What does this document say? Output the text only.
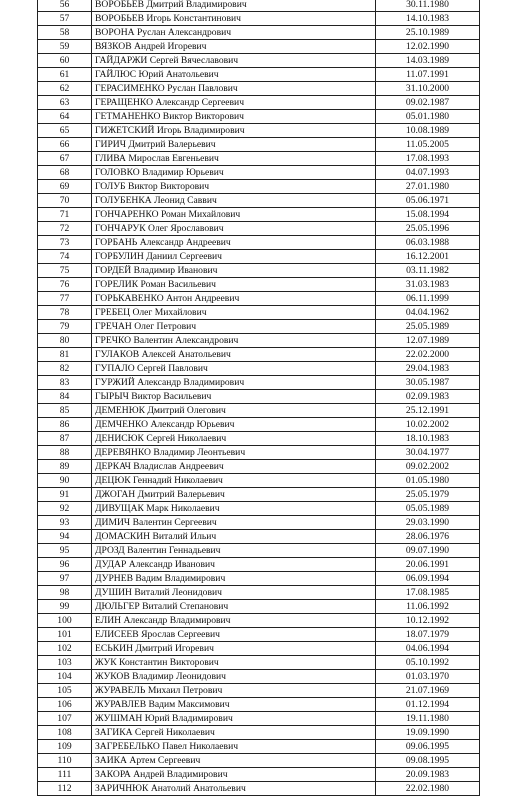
56	ВОРОБЬЕВ Дмитрий Владимирович	30.11.1980
57	ВОРОБЬЕВ Игорь Константинович	14.10.1983
58	ВОРОНА Руслан Александрович	25.10.1989
59	ВЯЗКОВ Андрей Игоревич	12.02.1990
60	ГАЙДАРЖИ Сергей Вячеславович	14.03.1989
61	ГАЙЛЮС Юрий Анатольевич	11.07.1991
62	ГЕРАСИМЕНКО Руслан Павлович	31.10.2000
63	ГЕРАЩЕНКО Александр Сергеевич	09.02.1987
64	ГЕТМАНЕНКО Виктор Викторович	05.01.1980
65	ГИЖЕТСКИЙ Игорь Владимирович	10.08.1989
66	ГИРИЧ Дмитрий Валерьевич	11.05.2005
67	ГЛИВА Мирослав Евгеньевич	17.08.1993
68	ГОЛОВКО Владимир Юрьевич	04.07.1993
69	ГОЛУБ Виктор Викторович	27.01.1980
70	ГОЛУБЕНКА Леонид Саввич	05.06.1971
71	ГОНЧАРЕНКО Роман Михайлович	15.08.1994
72	ГОНЧАРУК Олег Ярославович	25.05.1996
73	ГОРБАНЬ Александр Андреевич	06.03.1988
74	ГОРБУЛИН Даниил Сергеевич	16.12.2001
75	ГОРДЕЙ Владимир Иванович	03.11.1982
76	ГОРЕЛИК Роман Васильевич	31.03.1983
77	ГОРЬКАВЕНКО Антон Андреевич	06.11.1999
78	ГРЕБЕЦ Олег Михайлович	04.04.1962
79	ГРЕЧАН Олег Петрович	25.05.1989
80	ГРЕЧКО Валентин Александрович	12.07.1989
81	ГУЛАКОВ Алексей Анатольевич	22.02.2000
82	ГУПАЛО Сергей Павлович	29.04.1983
83	ГУРЖИЙ Александр Владимирович	30.05.1987
84	ГЫРЫЧ Виктор Васильевич	02.09.1983
85	ДЕМЕНЮК Дмитрий Олегович	25.12.1991
86	ДЕМЧЕНКО Александр Юрьевич	10.02.2002
87	ДЕНИСЮК Сергей Николаевич	18.10.1983
88	ДЕРЕВЯНКО Владимир Леонтьевич	30.04.1977
89	ДЕРКАЧ Владислав Андреевич	09.02.2002
90	ДЕЦЮК Геннадий Николаевич	01.05.1980
91	ДЖОГАН Дмитрий Валерьевич	25.05.1979
92	ДИВУЩАК Марк Николаевич	05.05.1989
93	ДИМИЧ Валентин Сергеевич	29.03.1990
94	ДОМАСКИН Виталий Ильич	28.06.1976
95	ДРОЗД Валентин Геннадьевич	09.07.1990
96	ДУДАР Александр Иванович	20.06.1991
97	ДУРНЕВ Вадим Владимирович	06.09.1994
98	ДУШИН Виталий Леонидович	17.08.1985
99	ДЮЛЬГЕР Виталий Степанович	11.06.1992
100	ЕЛИН Александр Владимирович	10.12.1992
101	ЕЛИСЕЕВ Ярослав Сергеевич	18.07.1979
102	ЕСЬКИН Дмитрий Игоревич	04.06.1994
103	ЖУК Константин Викторович	05.10.1992
104	ЖУКОВ Владимир Леонидович	01.03.1970
105	ЖУРАВЕЛЬ Михаил Петрович	21.07.1969
106	ЖУРАВЛЕВ Вадим Максимович	01.12.1994
107	ЖУШМАН Юрий Владимирович	19.11.1980
108	ЗАГИКА Сергей Николаевич	19.09.1990
109	ЗАГРЕБЕЛЬКО Павел Николаевич	09.06.1995
110	ЗАИКА Артем Сергеевич	09.08.1995
111	ЗАКОРА Андрей Владимирович	20.09.1983
112	ЗАРИЧНЮК Анатолий Анатольевич	22.02.1980
